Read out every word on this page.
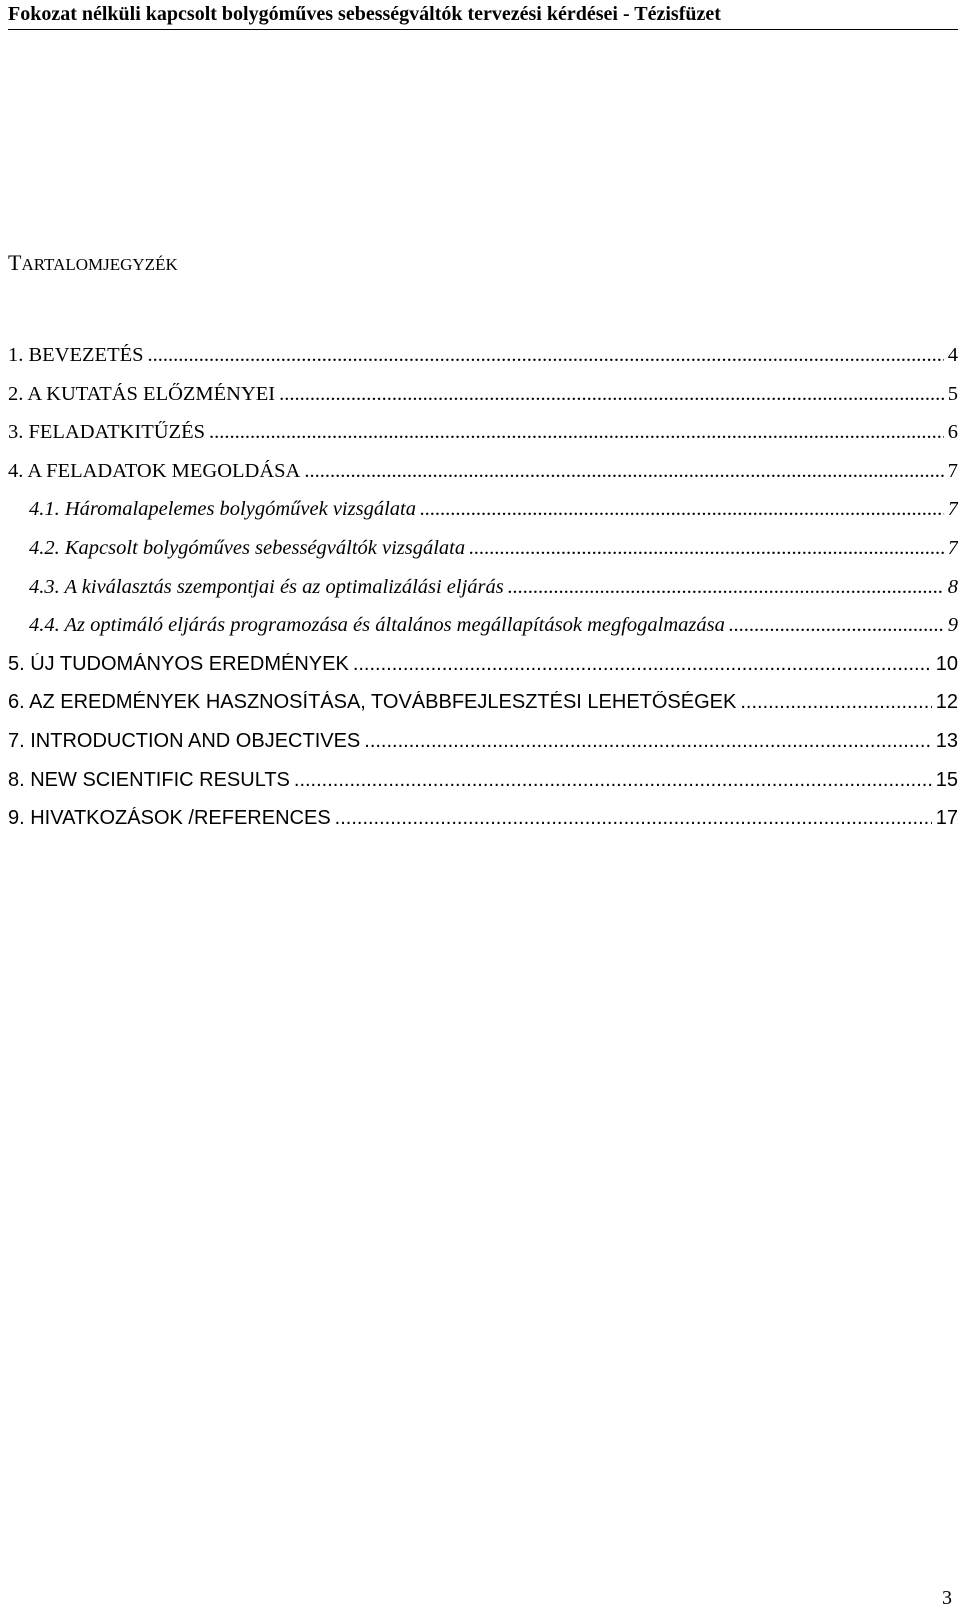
Fokozat nélküli kapcsolt bolygóműves sebességváltók tervezési kérdései - Tézisfüzet
TARTALOMJEGYZÉK
1. BEVEZETÉS .....	4
2. A KUTATÁS ELŐZMÉNYEI .....	5
3. FELADATKITŰZÉS .....	6
4. A FELADATOK MEGOLDÁSA .....	7
4.1. Háromalapelemes bolygóművek vizsgálata .....	7
4.2. Kapcsolt bolygóműves sebességváltók vizsgálata .....	7
4.3. A kiválasztás szempontjai és az optimalizálási eljárás .....	8
4.4. Az optimáló eljárás programozása és általános megállapítások megfogalmazása .....	9
5. ÚJ TUDOMÁNYOS EREDMÉNYEK .....	10
6. AZ EREDMÉNYEK HASZNOSÍTÁSA, TOVÁBBFEJLESZTÉSI LEHETŐSÉGEK .....	12
7. INTRODUCTION AND OBJECTIVES .....	13
8. NEW SCIENTIFIC RESULTS .....	15
9. HIVATKOZÁSOK /REFERENCES .....	17
3
